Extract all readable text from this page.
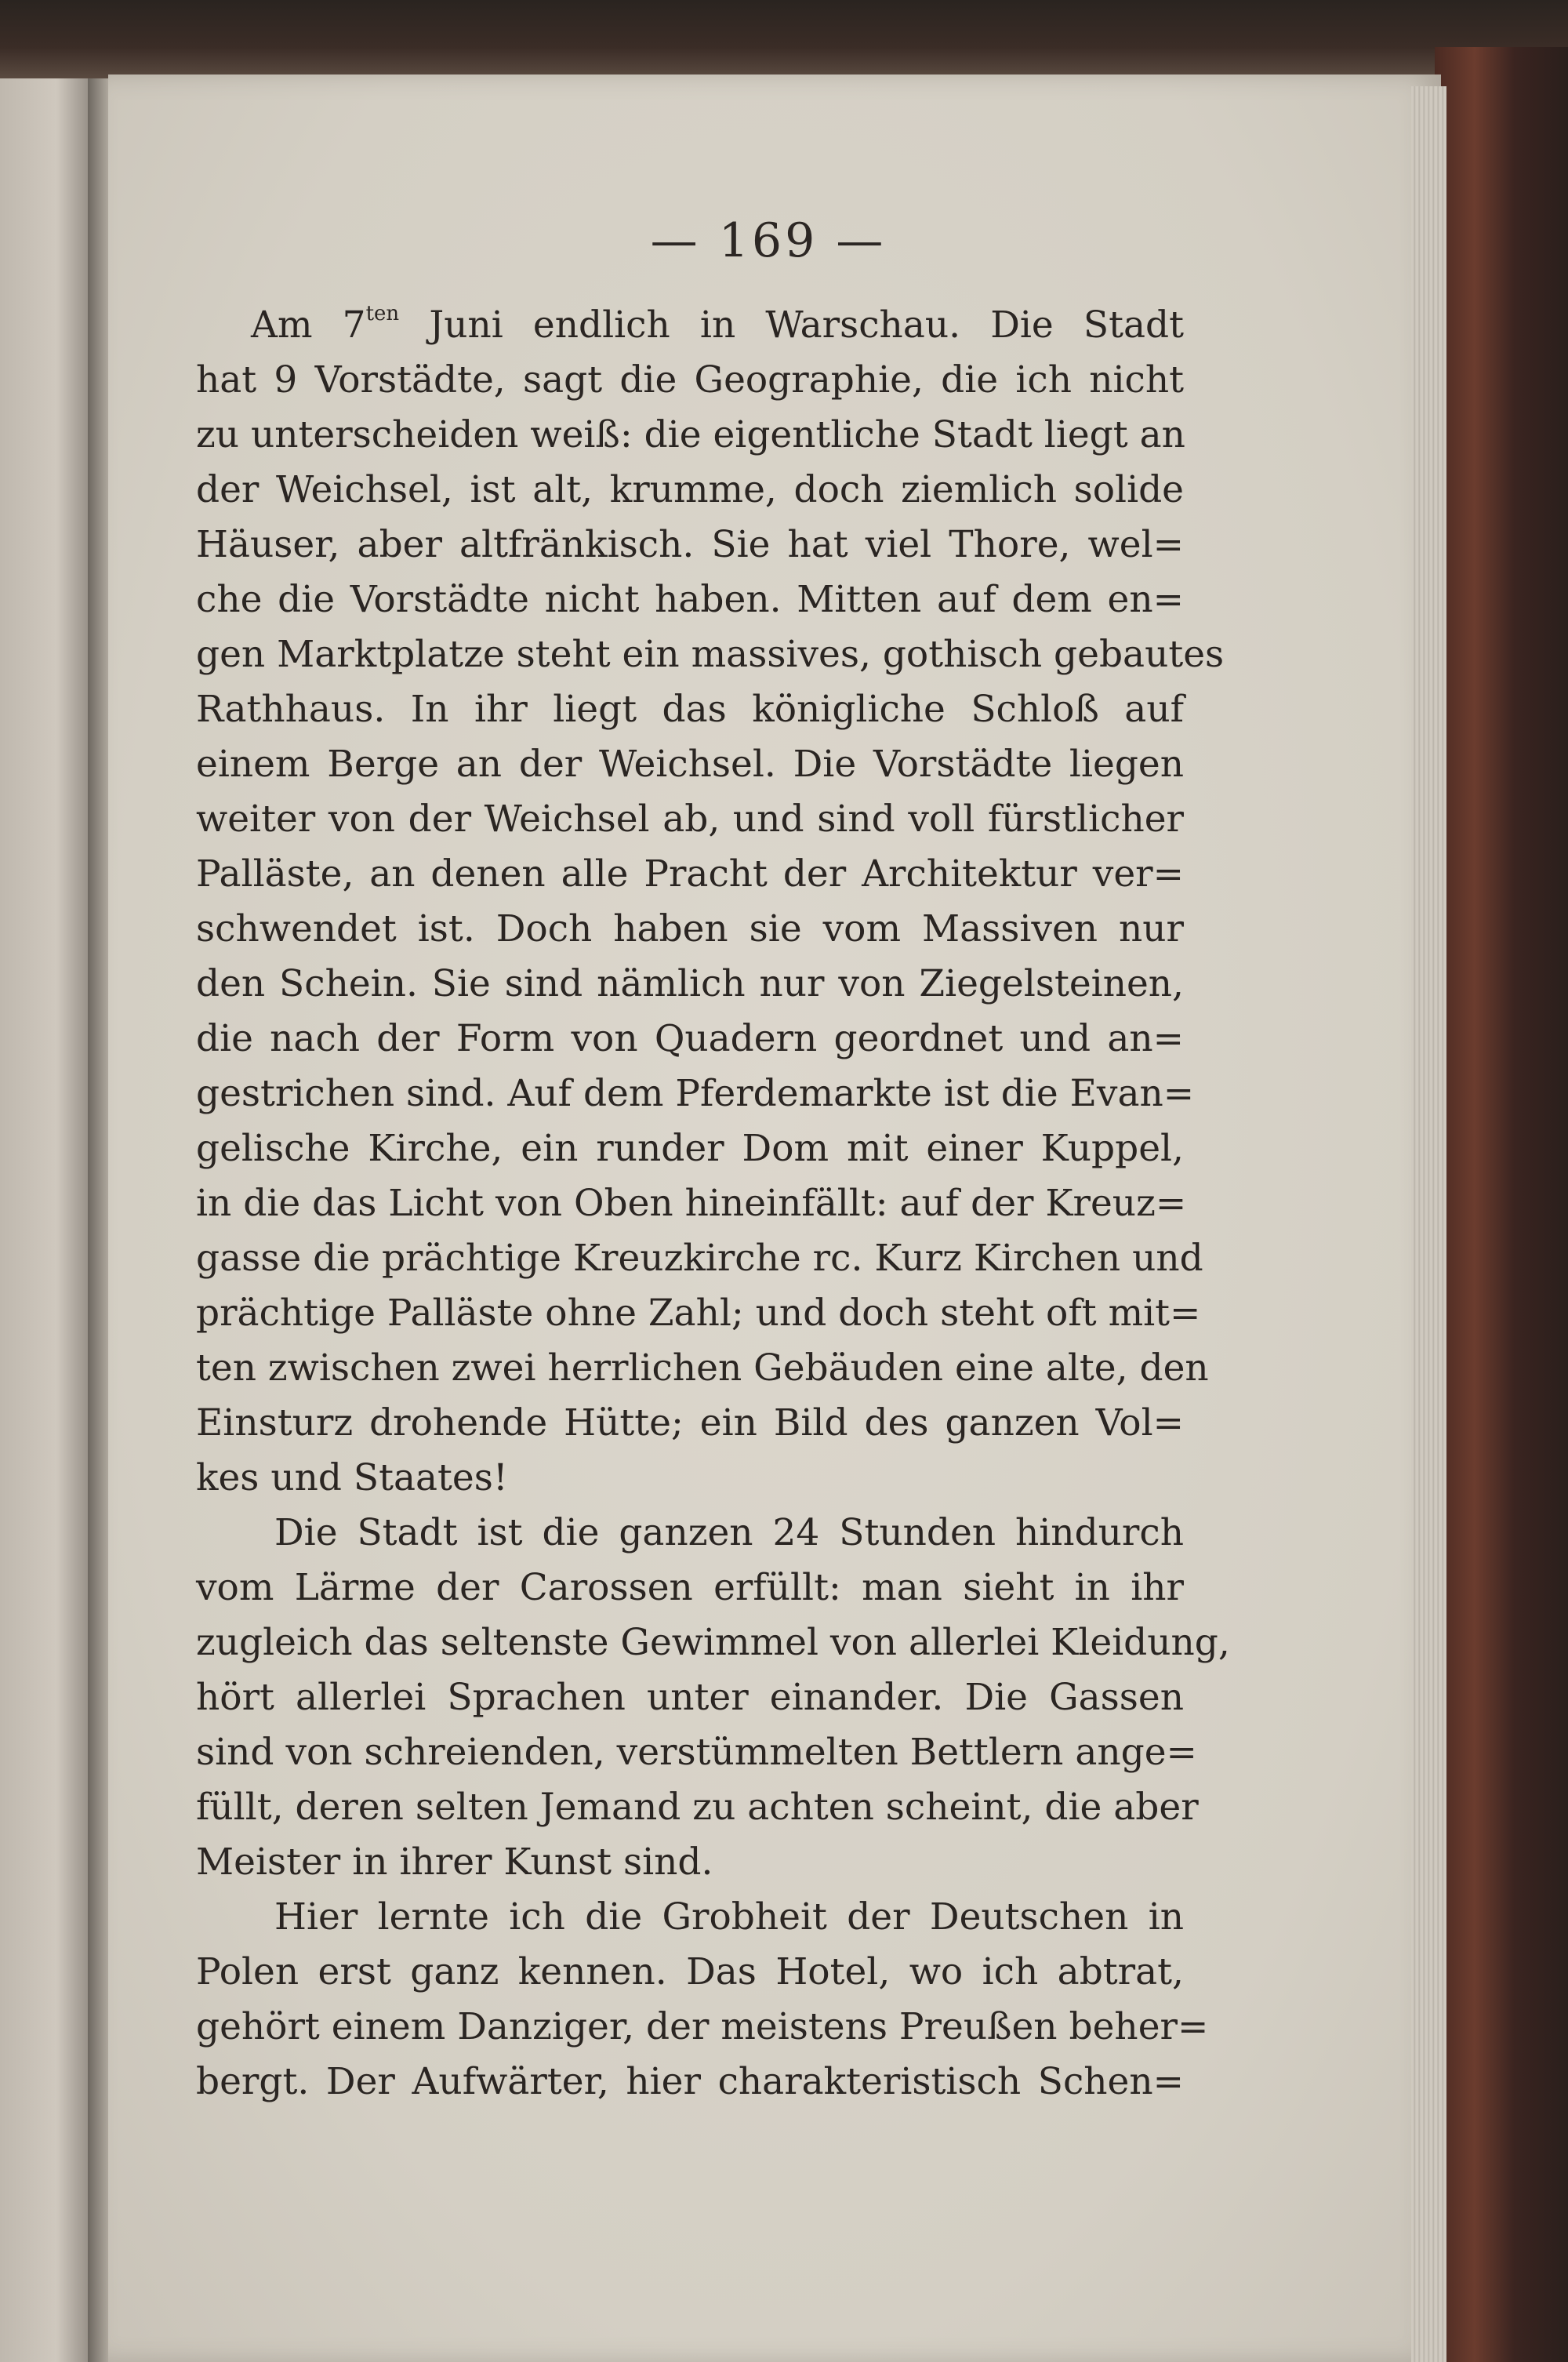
— 169 —
Am $7^{ten}$ Juni endlich in Warschau. Die Stadt
hat 9 Vorstädte, sagt die Geographie, die ich nicht
zu unterscheiden weiß: die eigentliche Stadt liegt an
der Weichsel, ist alt, krumme, doch ziemlich solide
Häuser, aber altfränkisch. Sie hat viel Thore, wel=
che die Vorstädte nicht haben. Mitten auf dem en=
gen Marktplatze steht ein massives, gothisch gebautes
Rathhaus. In ihr liegt das königliche Schloß auf
einem Berge an der Weichsel. Die Vorstädte liegen
weiter von der Weichsel ab, und sind voll fürstlicher
Palläste, an denen alle Pracht der Architektur ver=
schwendet ist. Doch haben sie vom Massiven nur
den Schein. Sie sind nämlich nur von Ziegelsteinen,
die nach der Form von Quadern geordnet und an=
gestrichen sind. Auf dem Pferdemarkte ist die Evan=
gelische Kirche, ein runder Dom mit einer Kuppel,
in die das Licht von Oben hineinfällt: auf der Kreuz=
gasse die prächtige Kreuzkirche rc. Kurz Kirchen und
prächtige Palläste ohne Zahl; und doch steht oft mit=
ten zwischen zwei herrlichen Gebäuden eine alte, den
Einsturz drohende Hütte; ein Bild des ganzen Vol=
kes und Staates!
Die Stadt ist die ganzen 24 Stunden hindurch
vom Lärme der Carossen erfüllt: man sieht in ihr
zugleich das seltenste Gewimmel von allerlei Kleidung,
hört allerlei Sprachen unter einander. Die Gassen
sind von schreienden, verstümmelten Bettlern ange=
füllt, deren selten Jemand zu achten scheint, die aber
Meister in ihrer Kunst sind.
Hier lernte ich die Grobheit der Deutschen in
Polen erst ganz kennen. Das Hotel, wo ich abtrat,
gehört einem Danziger, der meistens Preußen beher=
bergt. Der Aufwärter, hier charakteristisch Schen=
